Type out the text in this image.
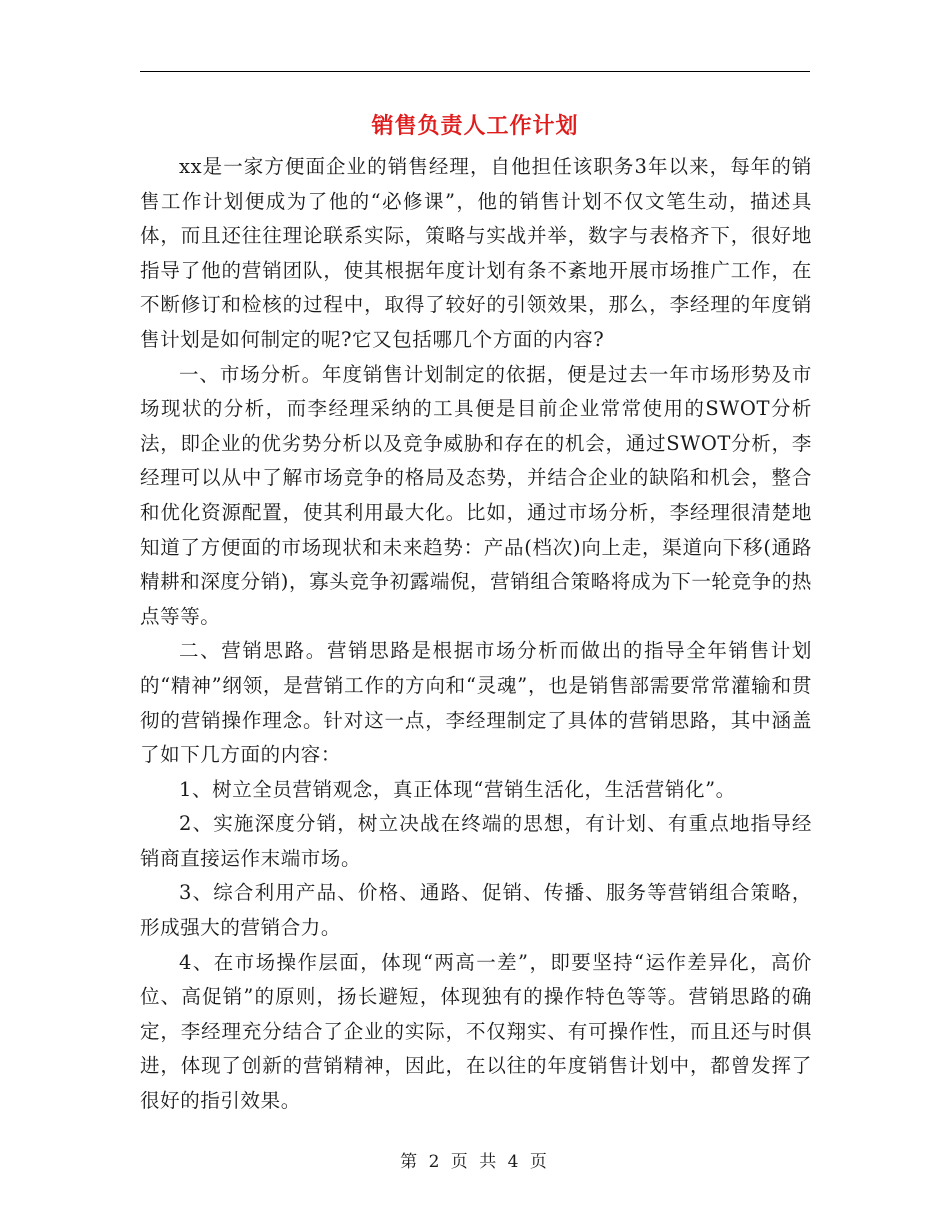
销售负责人工作计划

xx是一家方便面企业的销售经理，自他担任该职务3年以来，每年的销售工作计划便成为了他的“必修课”，他的销售计划不仅文笔生动，描述具体，而且还往往理论联系实际，策略与实战并举，数字与表格齐下，很好地指导了他的营销团队，使其根据年度计划有条不紊地开展市场推广工作，在不断修订和检核的过程中，取得了较好的引领效果，那么，李经理的年度销售计划是如何制定的呢?它又包括哪几个方面的内容?

一、市场分析。年度销售计划制定的依据，便是过去一年市场形势及市场现状的分析，而李经理采纳的工具便是目前企业常常使用的SWOT分析法，即企业的优劣势分析以及竞争威胁和存在的机会，通过SWOT分析，李经理可以从中了解市场竞争的格局及态势，并结合企业的缺陷和机会，整合和优化资源配置，使其利用最大化。比如，通过市场分析，李经理很清楚地知道了方便面的市场现状和未来趋势：产品(档次)向上走，渠道向下移(通路精耕和深度分销)，寡头竞争初露端倪，营销组合策略将成为下一轮竞争的热点等等。

二、营销思路。营销思路是根据市场分析而做出的指导全年销售计划的“精神”纲领，是营销工作的方向和“灵魂”，也是销售部需要常常灌输和贯彻的营销操作理念。针对这一点，李经理制定了具体的营销思路，其中涵盖了如下几方面的内容：

1、树立全员营销观念，真正体现“营销生活化，生活营销化”。

2、实施深度分销，树立决战在终端的思想，有计划、有重点地指导经销商直接运作末端市场。

3、综合利用产品、价格、通路、促销、传播、服务等营销组合策略，形成强大的营销合力。

4、在市场操作层面，体现“两高一差”，即要坚持“运作差异化，高价位、高促销”的原则，扬长避短，体现独有的操作特色等等。营销思路的确定，李经理充分结合了企业的实际，不仅翔实、有可操作性，而且还与时俱进，体现了创新的营销精神，因此，在以往的年度销售计划中，都曾发挥了很好的指引效果。

第 2 页 共 4 页
